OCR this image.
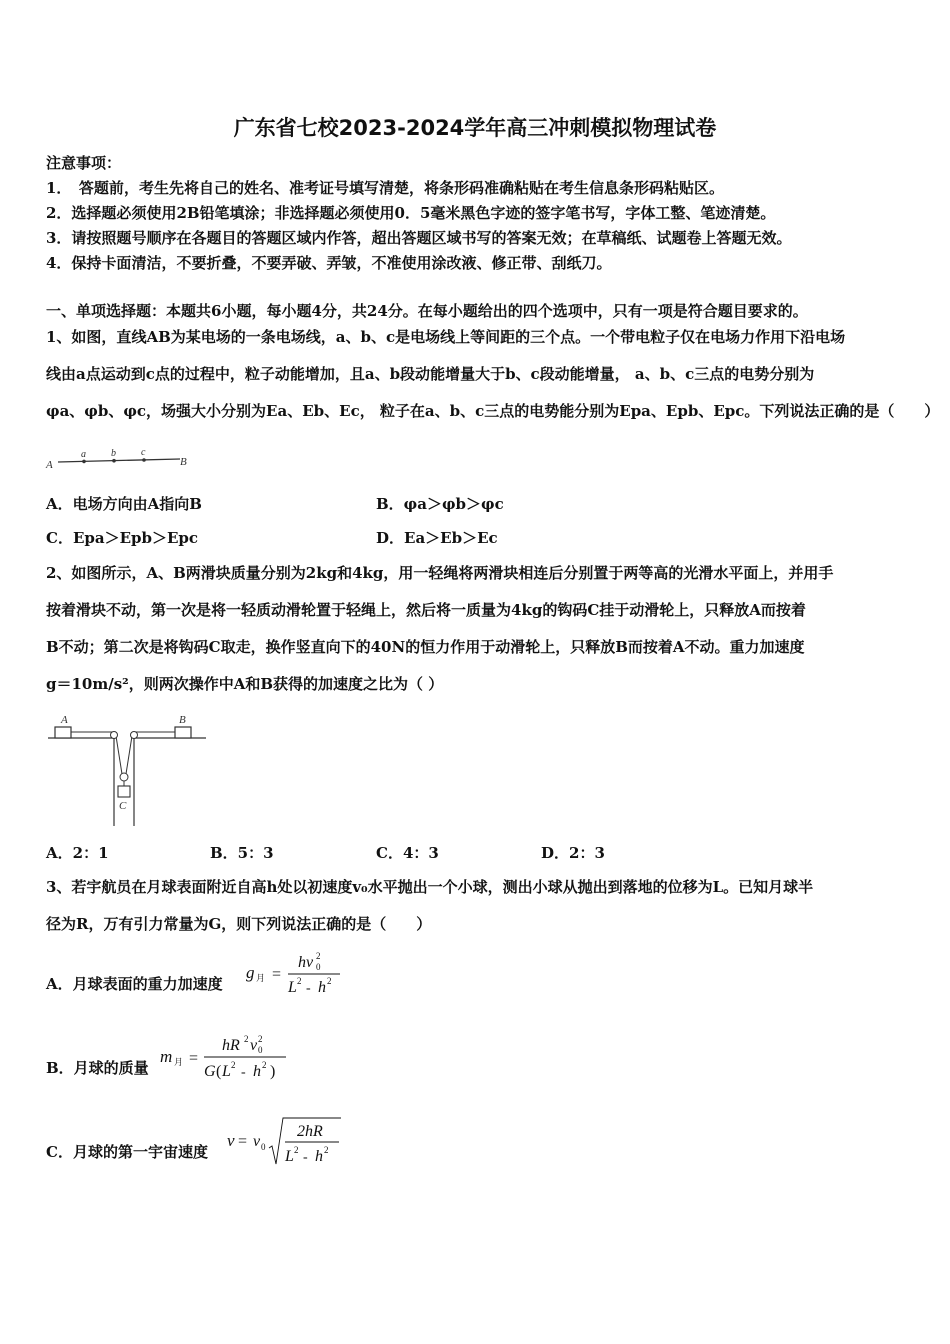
广东省七校2023-2024学年高三冲刺模拟物理试卷
注意事项：
1．　答题前，考生先将自己的姓名、准考证号填写清楚，将条形码准确粘贴在考生信息条形码粘贴区。
2．选择题必须使用2B铅笔填涂；非选择题必须使用0．5毫米黑色字迹的签字笔书写，字体工整、笔迹清楚。
3．请按照题号顺序在各题目的答题区域内作答，超出答题区域书写的答案无效；在草稿纸、试题卷上答题无效。
4．保持卡面清洁，不要折叠，不要弄破、弄皱，不准使用涂改液、修正带、刮纸刀。
一、单项选择题：本题共6小题，每小题4分，共24分。在每小题给出的四个选项中，只有一项是符合题目要求的。
1、如图，直线AB为某电场的一条电场线，a、b、c是电场线上等间距的三个点。一个带电粒子仅在电场力作用下沿电场
线由a点运动到c点的过程中，粒子动能增加，且a、b段动能增量大于b、c段动能增量， a、b、c三点的电势分别为
φa、φb、φc，场强大小分别为Ea、Eb、Ec， 粒子在a、b、c三点的电势能分别为Epa、Epb、Epc。下列说法正确的是（　　）
A
a	b	c
B
A．电场方向由A指向B	B．φa＞φb＞φc
C．Epa＞Epb＞Epc	D．Ea＞Eb＞Ec
2、如图所示，A、B两滑块质量分别为2kg和4kg，用一轻绳将两滑块相连后分别置于两等高的光滑水平面上，并用手
按着滑块不动，第一次是将一轻质动滑轮置于轻绳上，然后将一质量为4kg的钩码C挂于动滑轮上，只释放A而按着
B不动；第二次是将钩码C取走，换作竖直向下的40N的恒力作用于动滑轮上，只释放B而按着A不动。重力加速度
g＝10m/s²，则两次操作中A和B获得的加速度之比为（ ）
A	B
C
A．2：1	B．5：3	C．4：3	D．2：3
3、若宇航员在月球表面附近自高h处以初速度v₀水平抛出一个小球，测出小球从抛出到落地的位移为L。已知月球半
径为R，万有引力常量为G，则下列说法正确的是（　　）
A．月球表面的重力加速度
g 月 =
hv 2
0
L 2 - h 2
B．月球的质量
m 月 =
hR 2 v 2
0
G ( L 2 - h 2 )
C．月球的第一宇宙速度
v = v 0
2hR
L 2 - h 2
